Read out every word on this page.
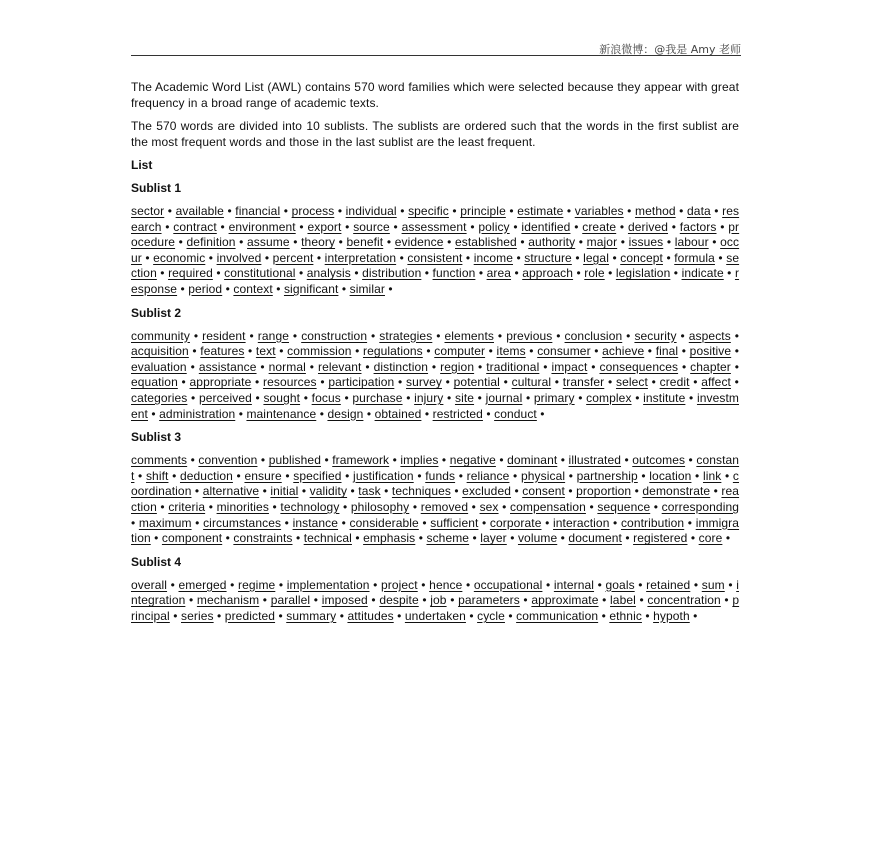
新浪微博：@我是 Amy 老师

The Academic Word List (AWL) contains 570 word families which were selected because they appear with great frequency in a broad range of academic texts.

The 570 words are divided into 10 sublists. The sublists are ordered such that the words in the first sublist are the most frequent words and those in the last sublist are the least frequent.

List
Sublist 1

sector • available • financial • process • individual • specific • principle • estimate • variables • method • data • research • contract • environment • export • source • assessment • policy • identified • create • derived • factors • procedure • definition • assume • theory • benefit • evidence • established • authority • major • issues • labour • occur • economic • involved • percent • interpretation • consistent • income • structure • legal • concept • formula • section • required • constitutional • analysis • distribution • function • area • approach • role • legislation • indicate • response • period • context • significant • similar •

Sublist 2

community • resident • range • construction • strategies • elements • previous • conclusion • security • aspects • acquisition • features • text • commission • regulations • computer • items • consumer • achieve • final • positive • evaluation • assistance • normal • relevant • distinction • region • traditional • impact • consequences • chapter • equation • appropriate • resources • participation • survey • potential • cultural • transfer • select • credit • affect • categories • perceived • sought • focus • purchase • injury • site • journal • primary • complex • institute • investment • administration • maintenance • design • obtained • restricted • conduct •

Sublist 3

comments • convention • published • framework • implies • negative • dominant • illustrated • outcomes • constant • shift • deduction • ensure • specified • justification • funds • reliance • physical • partnership • location • link • coordination • alternative • initial • validity • task • techniques • excluded • consent • proportion • demonstrate • reaction • criteria • minorities • technology • philosophy • removed • sex • compensation • sequence • corresponding • maximum • circumstances • instance • considerable • sufficient • corporate • interaction • contribution • immigration • component • constraints • technical • emphasis • scheme • layer • volume • document • registered • core •

Sublist 4

overall • emerged • regime • implementation • project • hence • occupational • internal • goals • retained • sum • integration • mechanism • parallel • imposed • despite • job • parameters • approximate • label • concentration • principal • series • predicted • summary • attitudes • undertaken • cycle • communication • ethnic • hypoth •
